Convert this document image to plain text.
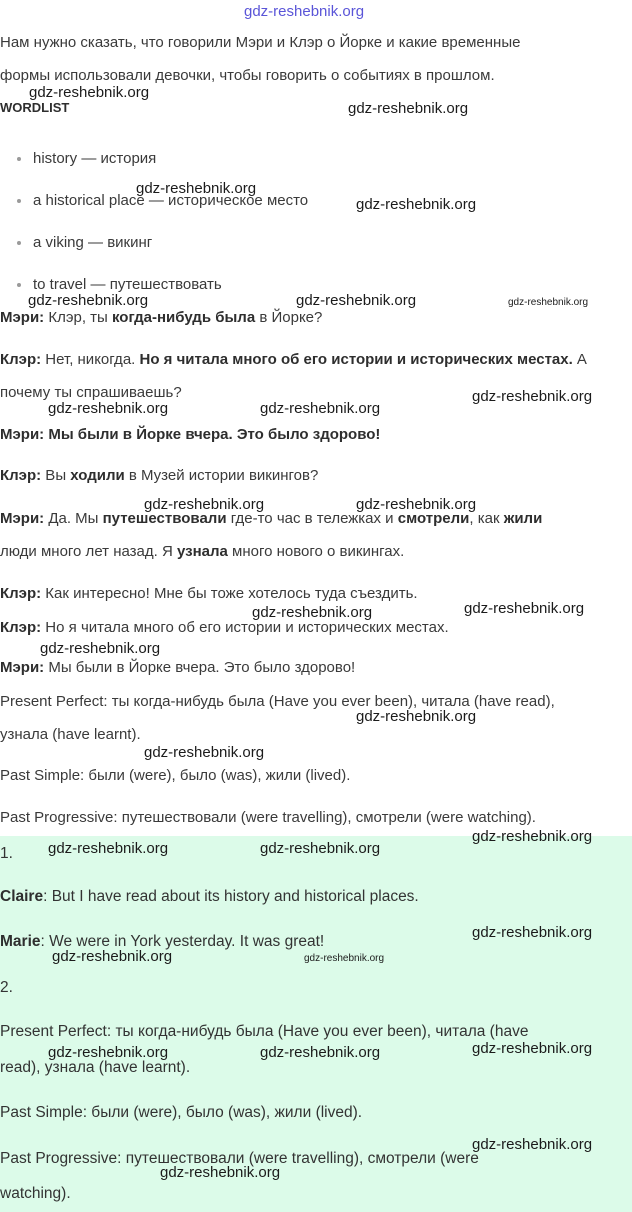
gdz-reshebnik.org
Нам нужно сказать, что говорили Мэри и Клэр о Йорке и какие временные
формы использовали девочки, чтобы говорить о событиях в прошлом.
WORDLIST
history — история
a historical place — историческое место
a viking — викинг
to travel — путешествовать
Мэри: Клэр, ты когда-нибудь была в Йорке?
Клэр: Нет, никогда. Но я читала много об его истории и исторических местах. А
почему ты спрашиваешь?
Мэри: Мы были в Йорке вчера. Это было здорово!
Клэр: Вы ходили в Музей истории викингов?
Мэри: Да. Мы путешествовали где-то час в тележках и смотрели, как жили
люди много лет назад. Я узнала много нового о викингах.
Клэр: Как интересно! Мне бы тоже хотелось туда съездить.
Клэр: Но я читала много об его истории и исторических местах.
Мэри: Мы были в Йорке вчера. Это было здорово!
Present Perfect: ты когда-нибудь была (Have you ever been), читала (have read),
узнала (have learnt).
Past Simple: были (were), было (was), жили (lived).
Past Progressive: путешествовали (were travelling), смотрели (were watching).
1.
Claire: But I have read about its history and historical places.
Marie: We were in York yesterday. It was great!
2.
Present Perfect: ты когда-нибудь была (Have you ever been), читала (have
read), узнала (have learnt).
Past Simple: были (were), было (was), жили (lived).
Past Progressive: путешествовали (were travelling), смотрели (were
watching).
gdz-reshebnik.org
gdz-reshebnik.org
gdz-reshebnik.org
gdz-reshebnik.org
gdz-reshebnik.org	gdz-reshebnik.org	gdz-reshebnik.org
gdz-reshebnik.org
gdz-reshebnik.org	gdz-reshebnik.org
gdz-reshebnik.org	gdz-reshebnik.org
gdz-reshebnik.org
gdz-reshebnik.org
gdz-reshebnik.org
gdz-reshebnik.org
gdz-reshebnik.org
gdz-reshebnik.org
gdz-reshebnik.org	gdz-reshebnik.org
gdz-reshebnik.org
gdz-reshebnik.org	gdz-reshebnik.org
gdz-reshebnik.org	gdz-reshebnik.org	gdz-reshebnik.org
gdz-reshebnik.org
gdz-reshebnik.org
